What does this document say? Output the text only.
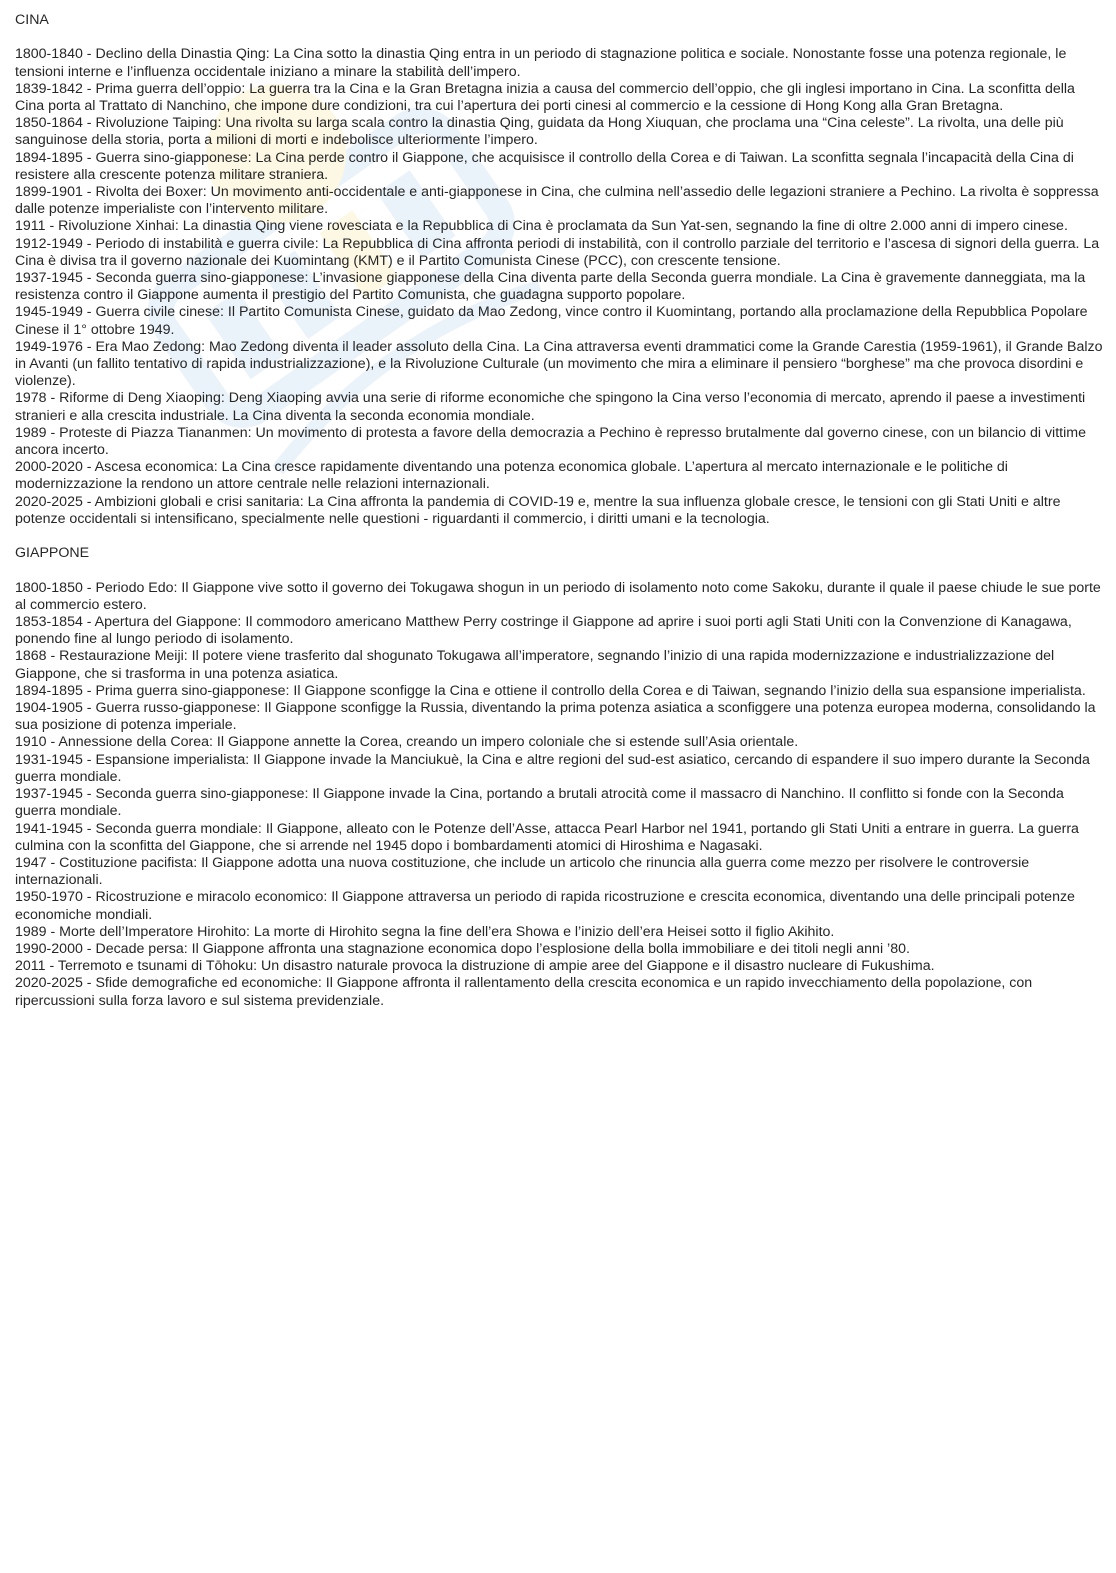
CINA

1800-1840 - Declino della Dinastia Qing: La Cina sotto la dinastia Qing entra in un periodo di stagnazione politica e sociale. Nonostante fosse una potenza regionale, le tensioni interne e l’influenza occidentale iniziano a minare la stabilità dell’impero.

1839-1842 - Prima guerra dell’oppio: La guerra tra la Cina e la Gran Bretagna inizia a causa del commercio dell’oppio, che gli inglesi importano in Cina. La sconfitta della Cina porta al Trattato di Nanchino, che impone dure condizioni, tra cui l’apertura dei porti cinesi al commercio e la cessione di Hong Kong alla Gran Bretagna.

1850-1864 - Rivoluzione Taiping: Una rivolta su larga scala contro la dinastia Qing, guidata da Hong Xiuquan, che proclama una “Cina celeste”. La rivolta, una delle più sanguinose della storia, porta a milioni di morti e indebolisce ulteriormente l’impero.

1894-1895 - Guerra sino-giapponese: La Cina perde contro il Giappone, che acquisisce il controllo della Corea e di Taiwan. La sconfitta segnala l’incapacità della Cina di resistere alla crescente potenza militare straniera.

1899-1901 - Rivolta dei Boxer: Un movimento anti-occidentale e anti-giapponese in Cina, che culmina nell’assedio delle legazioni straniere a Pechino. La rivolta è soppressa dalle potenze imperialiste con l’intervento militare.

1911 - Rivoluzione Xinhai: La dinastia Qing viene rovesciata e la Repubblica di Cina è proclamata da Sun Yat-sen, segnando la fine di oltre 2.000 anni di impero cinese.

1912-1949 - Periodo di instabilità e guerra civile: La Repubblica di Cina affronta periodi di instabilità, con il controllo parziale del territorio e l’ascesa di signori della guerra. La Cina è divisa tra il governo nazionale dei Kuomintang (KMT) e il Partito Comunista Cinese (PCC), con crescente tensione.

1937-1945 - Seconda guerra sino-giapponese: L’invasione giapponese della Cina diventa parte della Seconda guerra mondiale. La Cina è gravemente danneggiata, ma la resistenza contro il Giappone aumenta il prestigio del Partito Comunista, che guadagna supporto popolare.

1945-1949 - Guerra civile cinese: Il Partito Comunista Cinese, guidato da Mao Zedong, vince contro il Kuomintang, portando alla proclamazione della Repubblica Popolare Cinese il 1° ottobre 1949.

1949-1976 - Era Mao Zedong: Mao Zedong diventa il leader assoluto della Cina. La Cina attraversa eventi drammatici come la Grande Carestia (1959-1961), il Grande Balzo in Avanti (un fallito tentativo di rapida industrializzazione), e la Rivoluzione Culturale (un movimento che mira a eliminare il pensiero “borghese” ma che provoca disordini e violenze).

1978 - Riforme di Deng Xiaoping: Deng Xiaoping avvia una serie di riforme economiche che spingono la Cina verso l’economia di mercato, aprendo il paese a investimenti stranieri e alla crescita industriale. La Cina diventa la seconda economia mondiale.

1989 - Proteste di Piazza Tiananmen: Un movimento di protesta a favore della democrazia a Pechino è represso brutalmente dal governo cinese, con un bilancio di vittime ancora incerto.

2000-2020 - Ascesa economica: La Cina cresce rapidamente diventando una potenza economica globale. L’apertura al mercato internazionale e le politiche di modernizzazione la rendono un attore centrale nelle relazioni internazionali.

2020-2025 - Ambizioni globali e crisi sanitaria: La Cina affronta la pandemia di COVID-19 e, mentre la sua influenza globale cresce, le tensioni con gli Stati Uniti e altre potenze occidentali si intensificano, specialmente nelle questioni - riguardanti il commercio, i diritti umani e la tecnologia.

GIAPPONE

1800-1850 - Periodo Edo: Il Giappone vive sotto il governo dei Tokugawa shogun in un periodo di isolamento noto come Sakoku, durante il quale il paese chiude le sue porte al commercio estero.

1853-1854 - Apertura del Giappone: Il commodoro americano Matthew Perry costringe il Giappone ad aprire i suoi porti agli Stati Uniti con la Convenzione di Kanagawa, ponendo fine al lungo periodo di isolamento.

1868 - Restaurazione Meiji: Il potere viene trasferito dal shogunato Tokugawa all’imperatore, segnando l’inizio di una rapida modernizzazione e industrializzazione del Giappone, che si trasforma in una potenza asiatica.

1894-1895 - Prima guerra sino-giapponese: Il Giappone sconfigge la Cina e ottiene il controllo della Corea e di Taiwan, segnando l’inizio della sua espansione imperialista.

1904-1905 - Guerra russo-giapponese: Il Giappone sconfigge la Russia, diventando la prima potenza asiatica a sconfiggere una potenza europea moderna, consolidando la sua posizione di potenza imperiale.

1910 - Annessione della Corea: Il Giappone annette la Corea, creando un impero coloniale che si estende sull’Asia orientale.

1931-1945 - Espansione imperialista: Il Giappone invade la Manciukuè, la Cina e altre regioni del sud-est asiatico, cercando di espandere il suo impero durante la Seconda guerra mondiale.

1937-1945 - Seconda guerra sino-giapponese: Il Giappone invade la Cina, portando a brutali atrocità come il massacro di Nanchino. Il conflitto si fonde con la Seconda guerra mondiale.

1941-1945 - Seconda guerra mondiale: Il Giappone, alleato con le Potenze dell’Asse, attacca Pearl Harbor nel 1941, portando gli Stati Uniti a entrare in guerra. La guerra culmina con la sconfitta del Giappone, che si arrende nel 1945 dopo i bombardamenti atomici di Hiroshima e Nagasaki.

1947 - Costituzione pacifista: Il Giappone adotta una nuova costituzione, che include un articolo che rinuncia alla guerra come mezzo per risolvere le controversie internazionali.

1950-1970 - Ricostruzione e miracolo economico: Il Giappone attraversa un periodo di rapida ricostruzione e crescita economica, diventando una delle principali potenze economiche mondiali.

1989 - Morte dell’Imperatore Hirohito: La morte di Hirohito segna la fine dell’era Showa e l’inizio dell’era Heisei sotto il figlio Akihito.

1990-2000 - Decade persa: Il Giappone affronta una stagnazione economica dopo l’esplosione della bolla immobiliare e dei titoli negli anni ’80.

2011 - Terremoto e tsunami di Tōhoku: Un disastro naturale provoca la distruzione di ampie aree del Giappone e il disastro nucleare di Fukushima.

2020-2025 - Sfide demografiche ed economiche: Il Giappone affronta il rallentamento della crescita economica e un rapido invecchiamento della popolazione, con ripercussioni sulla forza lavoro e sul sistema previdenziale.
